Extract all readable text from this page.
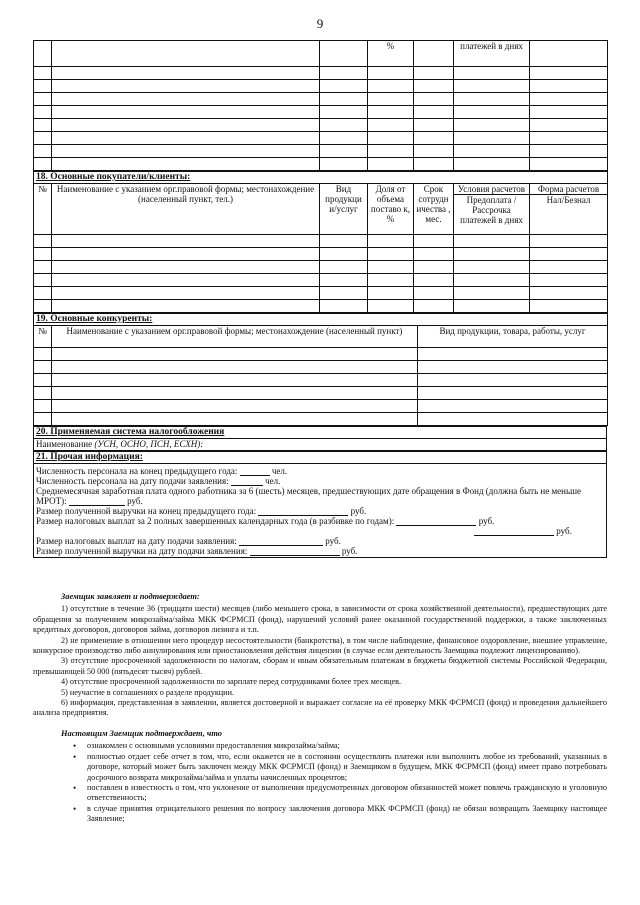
9
			%		платежей в днях	

18. Основные покупатели/клиенты:						
№	Наименование с указанием орг.правовой формы; местонахождение (населенный пункт, тел.)	Вид продукци и/услуг	Доля от объема поставо к, %	Срок сотрудн ичества , мес.	Условия расчетов	Форма расчетов
					Предоплата / Рассрочка платежей в днях	Нал/Безнал

19. Основные конкуренты:		
№	Наименование с указанием орг.правовой формы; местонахождение (населенный пункт)	Вид продукции, товара, работы, услуг

20. Применяемая система налогообложения
Наименование (УСН, ОСНО, ПСН, ЕСХН):
21. Прочая информация:
Численность персонала на конец предыдущего года:	чел.
Численность персонала на дату подачи заявления:	чел.
Среднемесячная заработная плата одного работника за 6 (шесть) месяцев, предшествующих дате обращения в Фонд (должна быть не меньше МРОТ):	руб.
Размер полученной выручки на конец предыдущего года:	руб.
Размер налоговых выплат за 2 полных завершенных календарных года (в разбивке по годам):	руб.
руб.
Размер налоговых выплат на дату подачи заявления:	руб.
Размер полученной выручки на дату подачи заявления:	руб.
Заемщик заявляет и подтверждает:

1) отсутствие в течение 36 (тридцати шести) месяцев (либо меньшего срока, в зависимости от срока хозяйственной деятельности), предшествующих дате обращения за получением микрозайма/займа МКК ФСРМСП (фонд), нарушений условий ранее оказанной государственной поддержки, а также заключенных кредитных договоров, договоров займа, договоров лизинга и т.п.

2) не применение в отношении него процедур несостоятельности (банкротства), в том числе наблюдение, финансовое оздоровление, внешнее управление, конкурсное производство либо аннулирования или приостановления действия лицензии (в случае если деятельность Заемщика подлежит лицензированию).

3) отсутствие просроченной задолженности по налогам, сборам и иным обязательным платежам в бюджеты бюджетной системы Российской Федерации, превышающей 50 000 (пятьдесят тысяч) рублей.

4) отсутствие просроченной задолженности по зарплате перед сотрудниками более трех месяцев.

5) неучастие в соглашениях о разделе продукции.

6) информация, представленная в заявлении, является достоверной и выражает согласие на её проверку МКК ФСРМСП (фонд) и проведения дальнейшего анализа предприятия.

Настоящим Заемщик подтверждает, что
• ознакомлен с основными условиями предоставления микрозайма/займа;
• полностью отдает себе отчет в том, что, если окажется не в состоянии осуществлять платежи или выполнить любое из требований, указанных в договоре, который может быть заключен между МКК ФСРМСП (фонд) и Заемщиком в будущем, МКК ФСРМСП (фонд) имеет право потребовать досрочного возврата микрозайма/займа и уплаты начисленных процентов;
• поставлен в известность о том, что уклонение от выполнения предусмотренных договором обязанностей может повлечь гражданскую и уголовную ответственность;
• в случае принятия отрицательного решения по вопросу заключения договора МКК ФСРМСП (фонд) не обязан возвращать Заемщику настоящее Заявление;
